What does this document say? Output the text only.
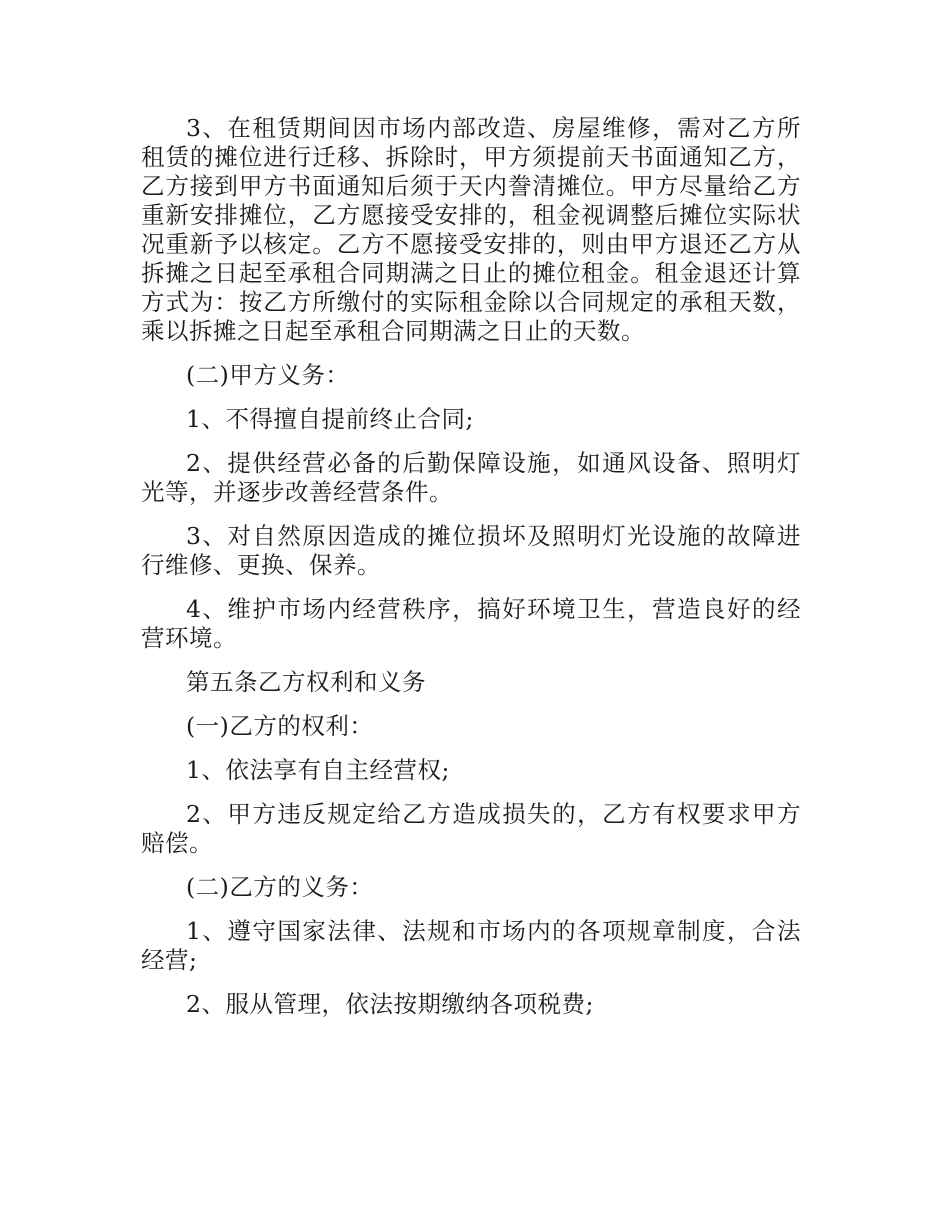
3、在租赁期间因市场内部改造、房屋维修，需对乙方所租赁的摊位进行迁移、拆除时，甲方须提前天书面通知乙方，乙方接到甲方书面通知后须于天内誊清摊位。甲方尽量给乙方重新安排摊位，乙方愿接受安排的，租金视调整后摊位实际状况重新予以核定。乙方不愿接受安排的，则由甲方退还乙方从拆摊之日起至承租合同期满之日止的摊位租金。租金退还计算方式为：按乙方所缴付的实际租金除以合同规定的承租天数，乘以拆摊之日起至承租合同期满之日止的天数。

(二)甲方义务：

1、不得擅自提前终止合同;

2、提供经营必备的后勤保障设施，如通风设备、照明灯光等，并逐步改善经营条件。

3、对自然原因造成的摊位损坏及照明灯光设施的故障进行维修、更换、保养。

4、维护市场内经营秩序，搞好环境卫生，营造良好的经营环境。

第五条乙方权利和义务

(一)乙方的权利：

1、依法享有自主经营权;

2、甲方违反规定给乙方造成损失的，乙方有权要求甲方赔偿。

(二)乙方的义务：

1、遵守国家法律、法规和市场内的各项规章制度，合法经营;

2、服从管理，依法按期缴纳各项税费;
